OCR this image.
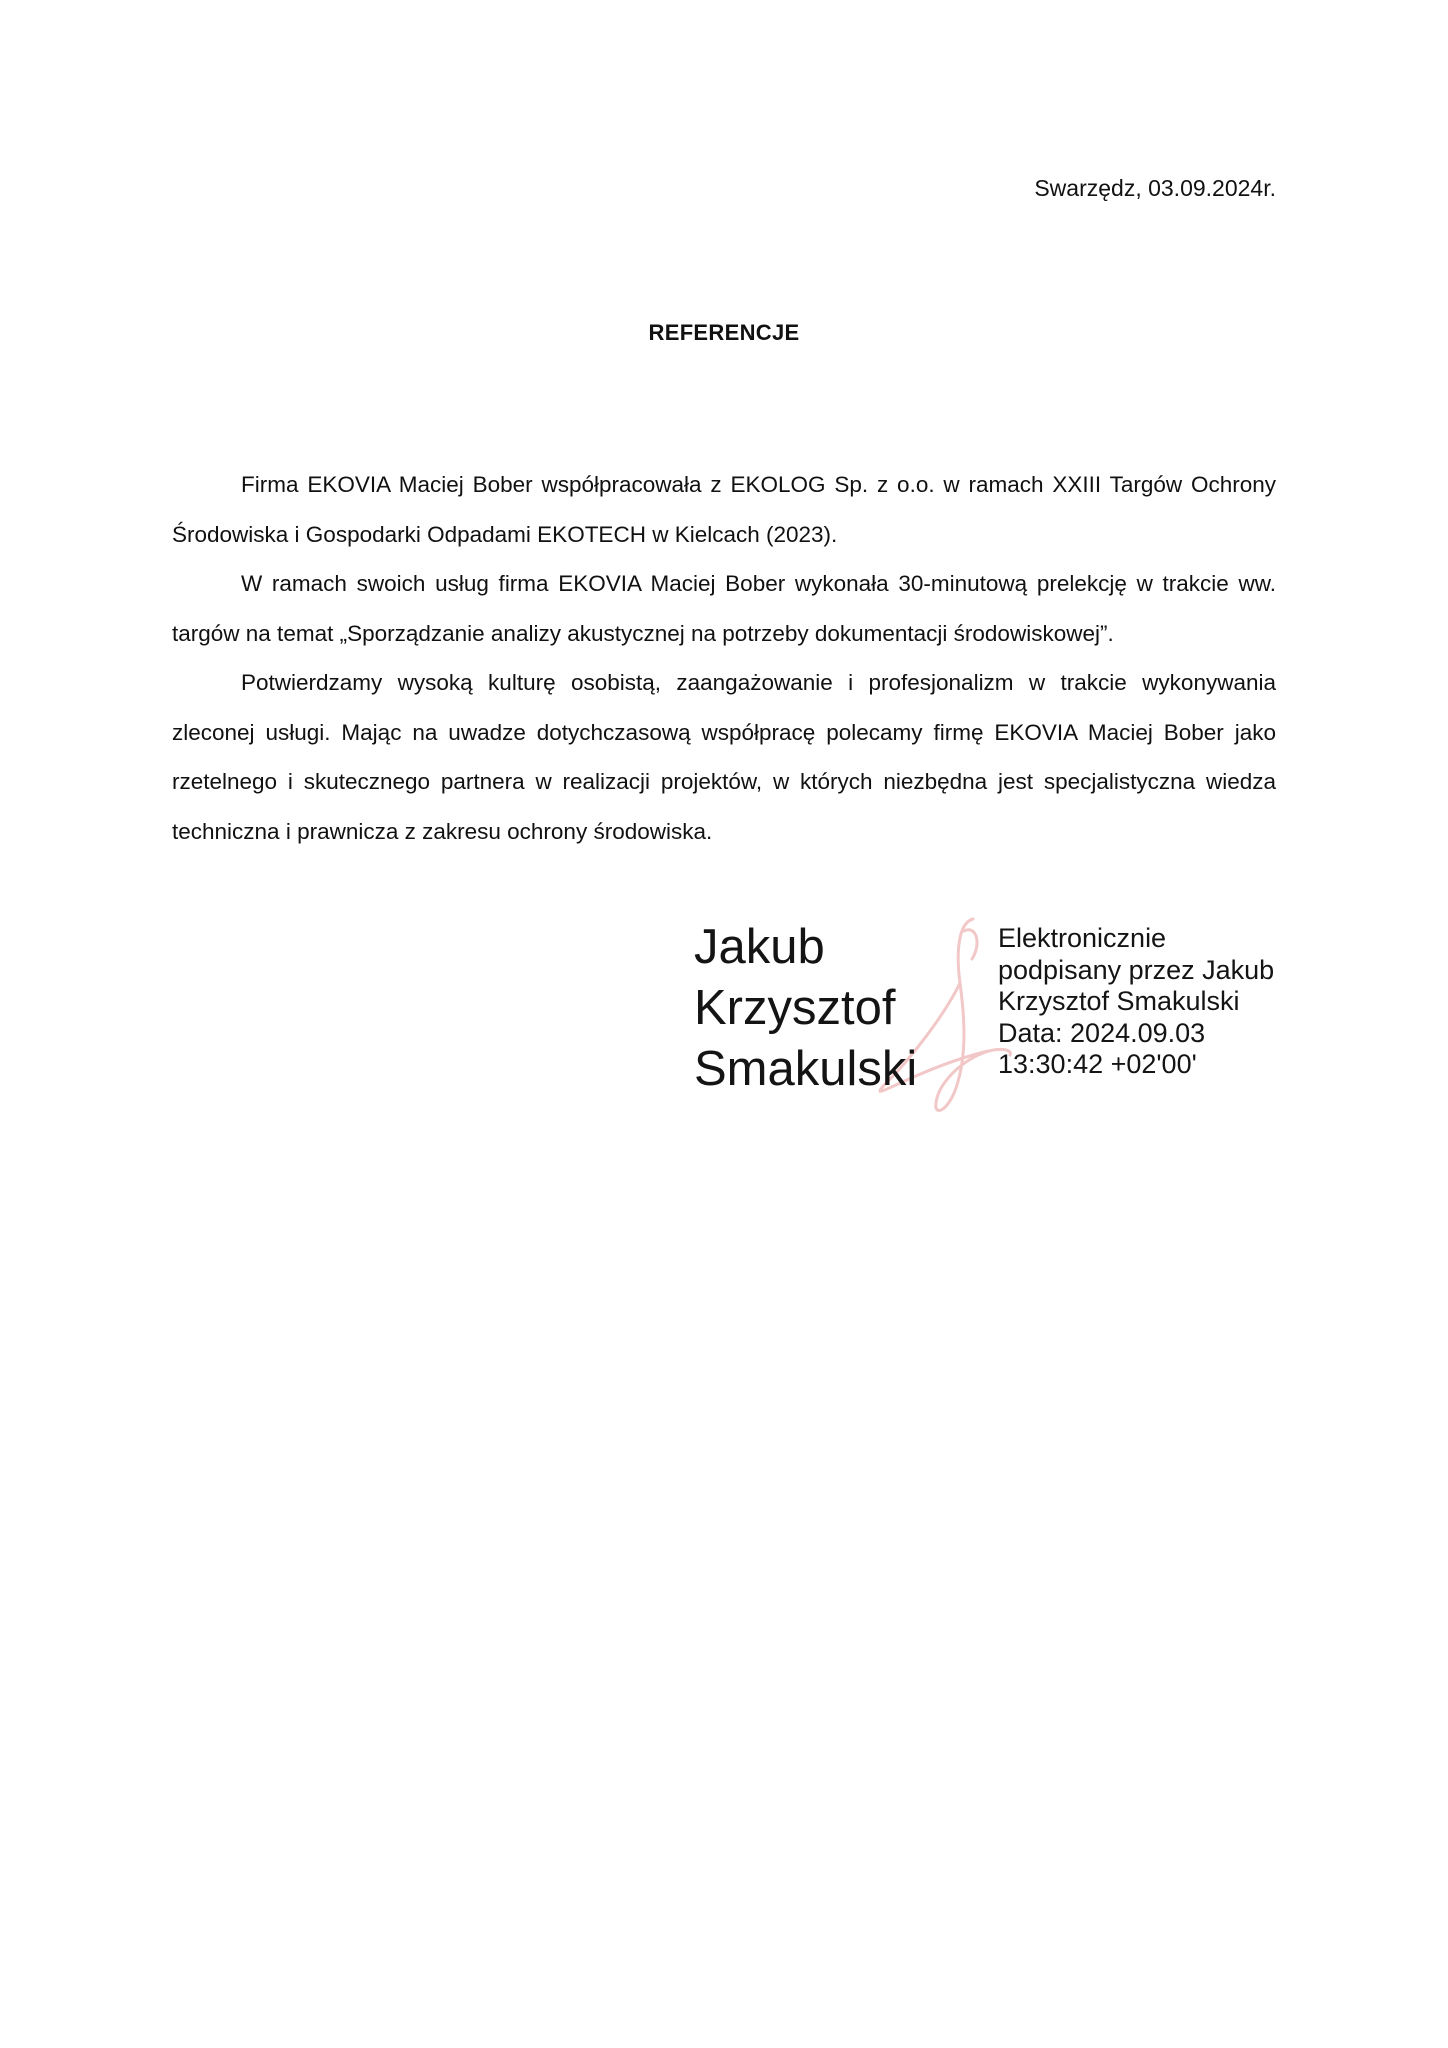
Swarzędz, 03.09.2024r.
REFERENCJE

Firma EKOVIA Maciej Bober współpracowała z EKOLOG Sp. z o.o. w ramach XXIII Targów Ochrony Środowiska i Gospodarki Odpadami EKOTECH w Kielcach (2023).

W ramach swoich usług firma EKOVIA Maciej Bober wykonała 30-minutową prelekcję w trakcie ww. targów na temat „Sporządzanie analizy akustycznej na potrzeby dokumentacji środowiskowej”.

Potwierdzamy wysoką kulturę osobistą, zaangażowanie i profesjonalizm w trakcie wykonywania zleconej usługi. Mając na uwadze dotychczasową współpracę polecamy firmę EKOVIA Maciej Bober jako rzetelnego i skutecznego partnera w realizacji projektów, w których niezbędna jest specjalistyczna wiedza techniczna i prawnicza z zakresu ochrony środowiska.

Jakub
Krzysztof
Smakulski
Elektronicznie
podpisany przez Jakub
Krzysztof Smakulski
Data: 2024.09.03
13:30:42 +02'00'
